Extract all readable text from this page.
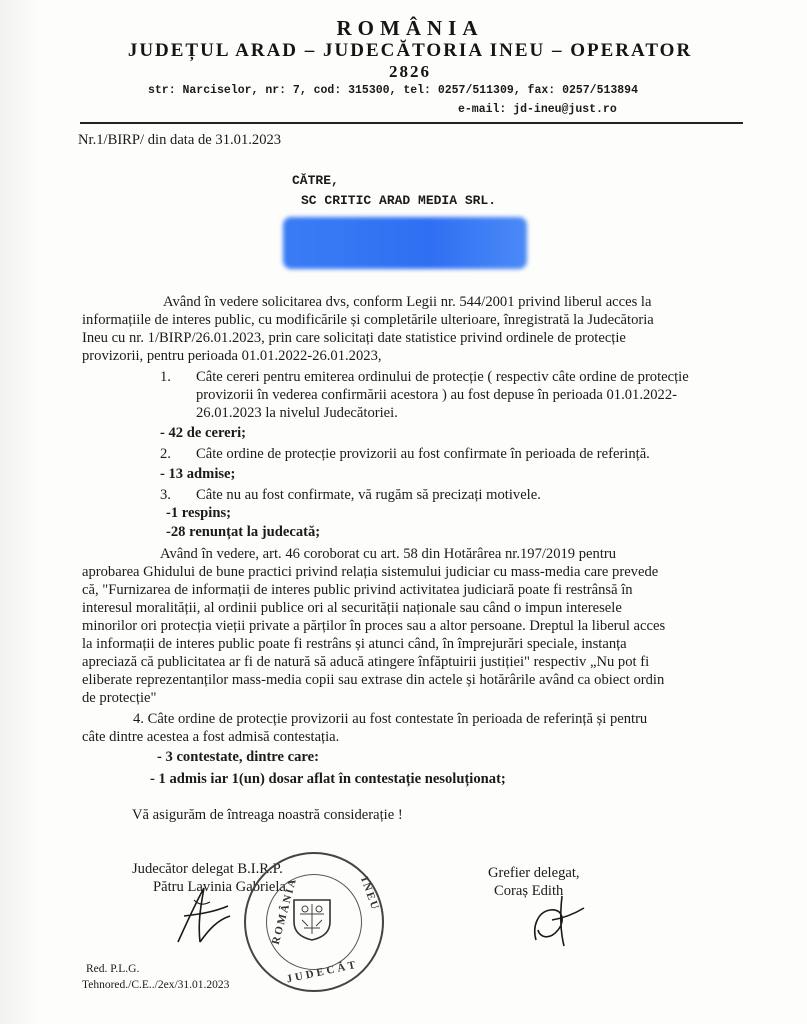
ROMÂNIA
JUDEȚUL ARAD – JUDECĂTORIA INEU – OPERATOR
2826
str: Narciselor, nr: 7, cod: 315300, tel: 0257/511309, fax: 0257/513894
e-mail: jd-ineu@just.ro
Nr.1/BIRP/ din data de 31.01.2023
CĂTRE,
SC CRITIC ARAD MEDIA SRL.
Având în vedere solicitarea dvs, conform Legii nr. 544/2001 privind liberul acces la
informațiile de interes public, cu modificările și completările ulterioare, înregistrată la Judecătoria
Ineu cu nr. 1/BIRP/26.01.2023, prin care solicitați date statistice privind ordinele de protecție
provizorii, pentru perioada 01.01.2022-26.01.2023,
1. Câte cereri pentru emiterea ordinului de protecție ( respectiv câte ordine de protecție
provizorii în vederea confirmării acestora ) au fost depuse în perioada 01.01.2022-
26.01.2023 la nivelul Judecătoriei.
- 42 de cereri;
2. Câte ordine de protecție provizorii au fost confirmate în perioada de referință.
- 13 admise;
3. Câte nu au fost confirmate, vă rugăm să precizați motivele.
-1 respins;
-28 renunțat la judecată;
Având în vedere, art. 46 coroborat cu art. 58 din Hotărârea nr.197/2019 pentru
aprobarea Ghidului de bune practici privind relația sistemului judiciar cu mass-media care prevede
că, "Furnizarea de informații de interes public privind activitatea judiciară poate fi restrânsă în
interesul moralității, al ordinii publice ori al securității naționale sau când o impun interesele
minorilor ori protecția vieții private a părților în proces sau a altor persoane. Dreptul la liberul acces
la informații de interes public poate fi restrâns și atunci când, în împrejurări speciale, instanța
apreciază că publicitatea ar fi de natură să aducă atingere înfăptuirii justiției" respectiv „Nu pot fi
eliberate reprezentanților mass-media copii sau extrase din actele și hotărârile având ca obiect ordin
de protecție"
4. Câte ordine de protecție provizorii au fost contestate în perioada de referință și pentru
câte dintre acestea a fost admisă contestația.
- 3 contestate, dintre care:
- 1 admis iar 1(un) dosar aflat în contestație nesoluționat;
Vă asigurăm de întreaga noastră considerație !
Judecător delegat B.I.R.P.
Pătru Lavinia Gabriela
Grefier delegat,
Coraș Edith
ROMÂNIA	INEU
JUDECĂT
Red. P.L.G.
Tehnored./C.E../2ex/31.01.2023
